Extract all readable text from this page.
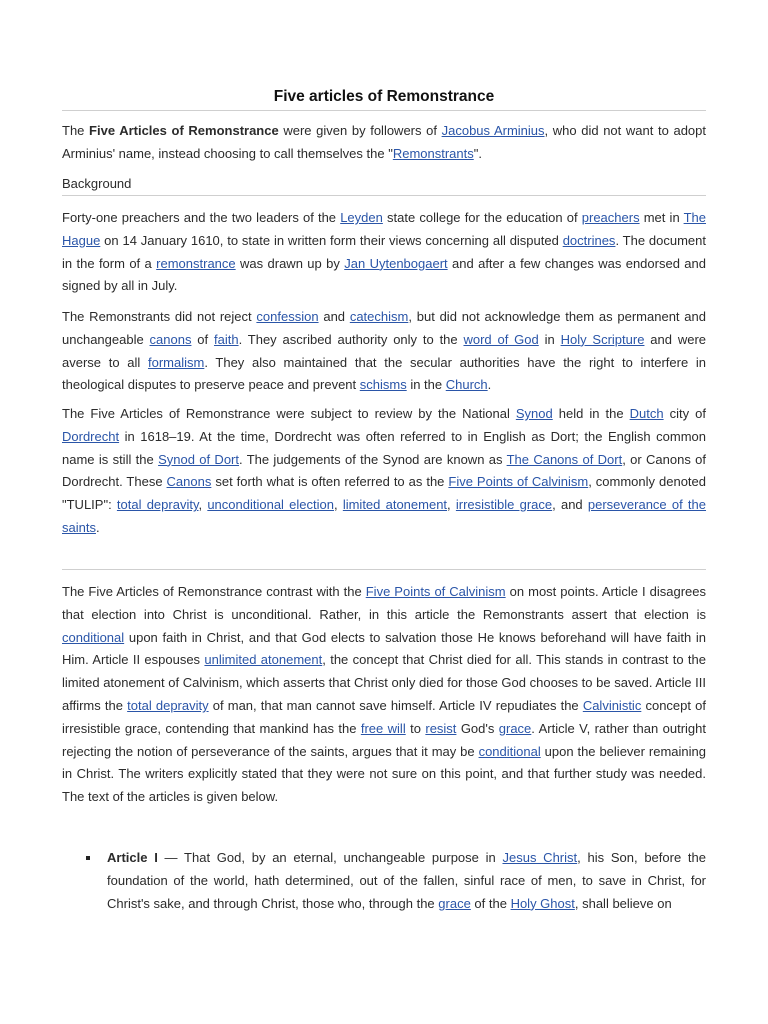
Five articles of Remonstrance
The Five Articles of Remonstrance were given by followers of Jacobus Arminius, who did not want to adopt Arminius' name, instead choosing to call themselves the "Remonstrants".
Background
Forty-one preachers and the two leaders of the Leyden state college for the education of preachers met in The Hague on 14 January 1610, to state in written form their views concerning all disputed doctrines. The document in the form of a remonstrance was drawn up by Jan Uytenbogaert and after a few changes was endorsed and signed by all in July.
The Remonstrants did not reject confession and catechism, but did not acknowledge them as permanent and unchangeable canons of faith. They ascribed authority only to the word of God in Holy Scripture and were averse to all formalism. They also maintained that the secular authorities have the right to interfere in theological disputes to preserve peace and prevent schisms in the Church.
The Five Articles of Remonstrance were subject to review by the National Synod held in the Dutch city of Dordrecht in 1618–19. At the time, Dordrecht was often referred to in English as Dort; the English common name is still the Synod of Dort. The judgements of the Synod are known as The Canons of Dort, or Canons of Dordrecht. These Canons set forth what is often referred to as the Five Points of Calvinism, commonly denoted "TULIP": total depravity, unconditional election, limited atonement, irresistible grace, and perseverance of the saints.
The Five Articles of Remonstrance contrast with the Five Points of Calvinism on most points. Article I disagrees that election into Christ is unconditional. Rather, in this article the Remonstrants assert that election is conditional upon faith in Christ, and that God elects to salvation those He knows beforehand will have faith in Him. Article II espouses unlimited atonement, the concept that Christ died for all. This stands in contrast to the limited atonement of Calvinism, which asserts that Christ only died for those God chooses to be saved. Article III affirms the total depravity of man, that man cannot save himself. Article IV repudiates the Calvinistic concept of irresistible grace, contending that mankind has the free will to resist God's grace. Article V, rather than outright rejecting the notion of perseverance of the saints, argues that it may be conditional upon the believer remaining in Christ. The writers explicitly stated that they were not sure on this point, and that further study was needed. The text of the articles is given below.
Article I — That God, by an eternal, unchangeable purpose in Jesus Christ, his Son, before the foundation of the world, hath determined, out of the fallen, sinful race of men, to save in Christ, for Christ's sake, and through Christ, those who, through the grace of the Holy Ghost, shall believe on
